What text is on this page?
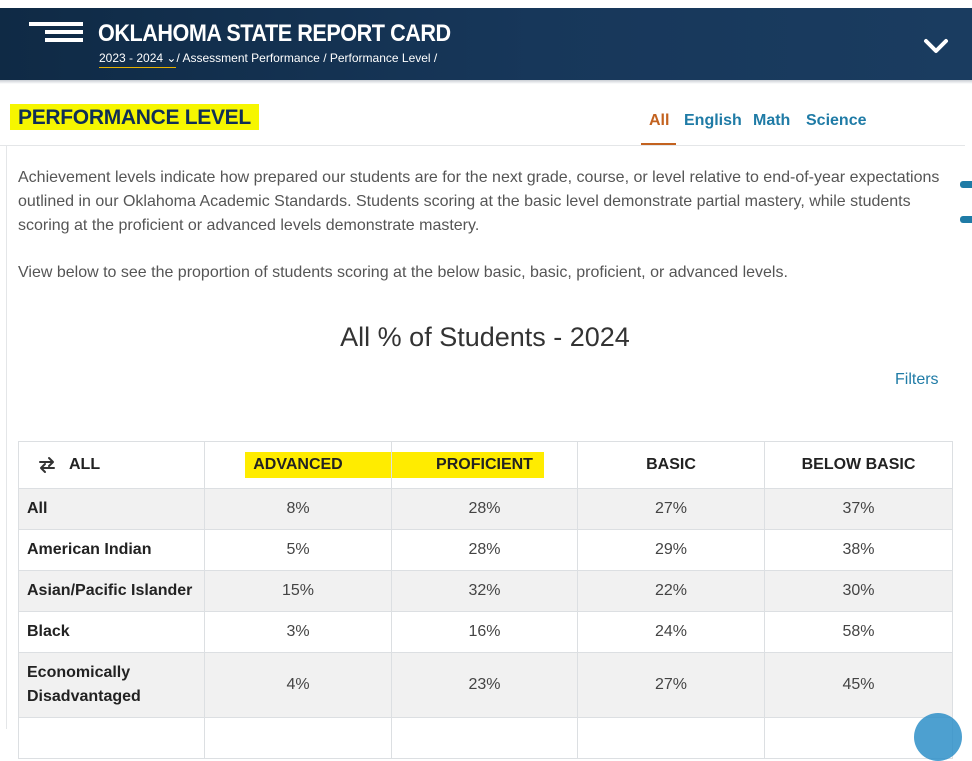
OKLAHOMA STATE REPORT CARD
2023 - 2024 ⌄/ Assessment Performance / Performance Level /
PERFORMANCE LEVEL	All English Math Science

Achievement levels indicate how prepared our students are for the next grade, course, or level relative to end-of-year expectations outlined in our Oklahoma Academic Standards. Students scoring at the basic level demonstrate partial mastery, while students scoring at the proficient or advanced levels demonstrate mastery.

View below to see the proportion of students scoring at the below basic, basic, proficient, or advanced levels.

All % of Students - 2024
Filters
ALL	ADVANCED	PROFICIENT	BASIC	BELOW BASIC
All	8%	28%	27%	37%
American Indian	5%	28%	29%	38%
Asian/Pacific Islander	15%	32%	22%	30%
Black	3%	16%	24%	58%
Economically Disadvantaged	4%	23%	27%	45%
